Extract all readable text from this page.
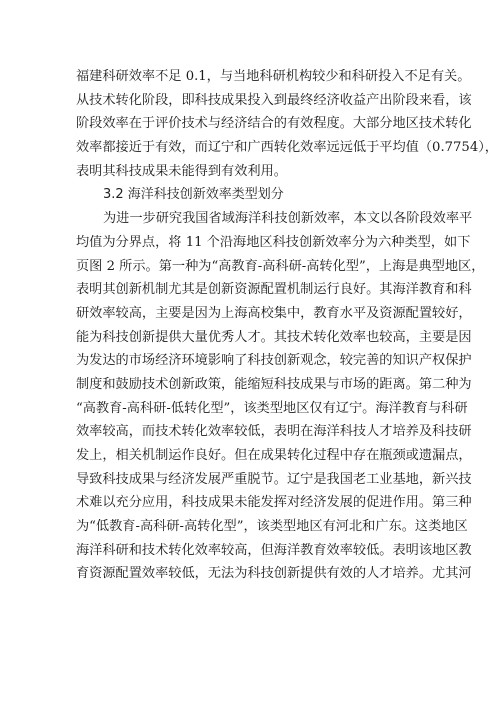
福建科研效率不足 0.1，与当地科研机构较少和科研投入不足有关。
从技术转化阶段，即科技成果投入到最终经济收益产出阶段来看，该
阶段效率在于评价技术与经济结合的有效程度。大部分地区技术转化
效率都接近于有效，而辽宁和广西转化效率远远低于平均值（0.7754），
表明其科技成果未能得到有效利用。
3.2 海洋科技创新效率类型划分
为进一步研究我国省域海洋科技创新效率，本文以各阶段效率平
均值为分界点，将 11 个沿海地区科技创新效率分为六种类型，如下
页图 2 所示。第一种为“高教育-高科研-高转化型”，上海是典型地区，
表明其创新机制尤其是创新资源配置机制运行良好。其海洋教育和科
研效率较高，主要是因为上海高校集中，教育水平及资源配置较好，
能为科技创新提供大量优秀人才。其技术转化效率也较高，主要是因
为发达的市场经济环境影响了科技创新观念，较完善的知识产权保护
制度和鼓励技术创新政策，能缩短科技成果与市场的距离。第二种为
“高教育-高科研-低转化型”，该类型地区仅有辽宁。海洋教育与科研
效率较高，而技术转化效率较低，表明在海洋科技人才培养及科技研
发上，相关机制运作良好。但在成果转化过程中存在瓶颈或遗漏点，
导致科技成果与经济发展严重脱节。辽宁是我国老工业基地，新兴技
术难以充分应用，科技成果未能发挥对经济发展的促进作用。第三种
为“低教育-高科研-高转化型”，该类型地区有河北和广东。这类地区
海洋科研和技术转化效率较高，但海洋教育效率较低。表明该地区教
育资源配置效率较低，无法为科技创新提供有效的人才培养。尤其河
